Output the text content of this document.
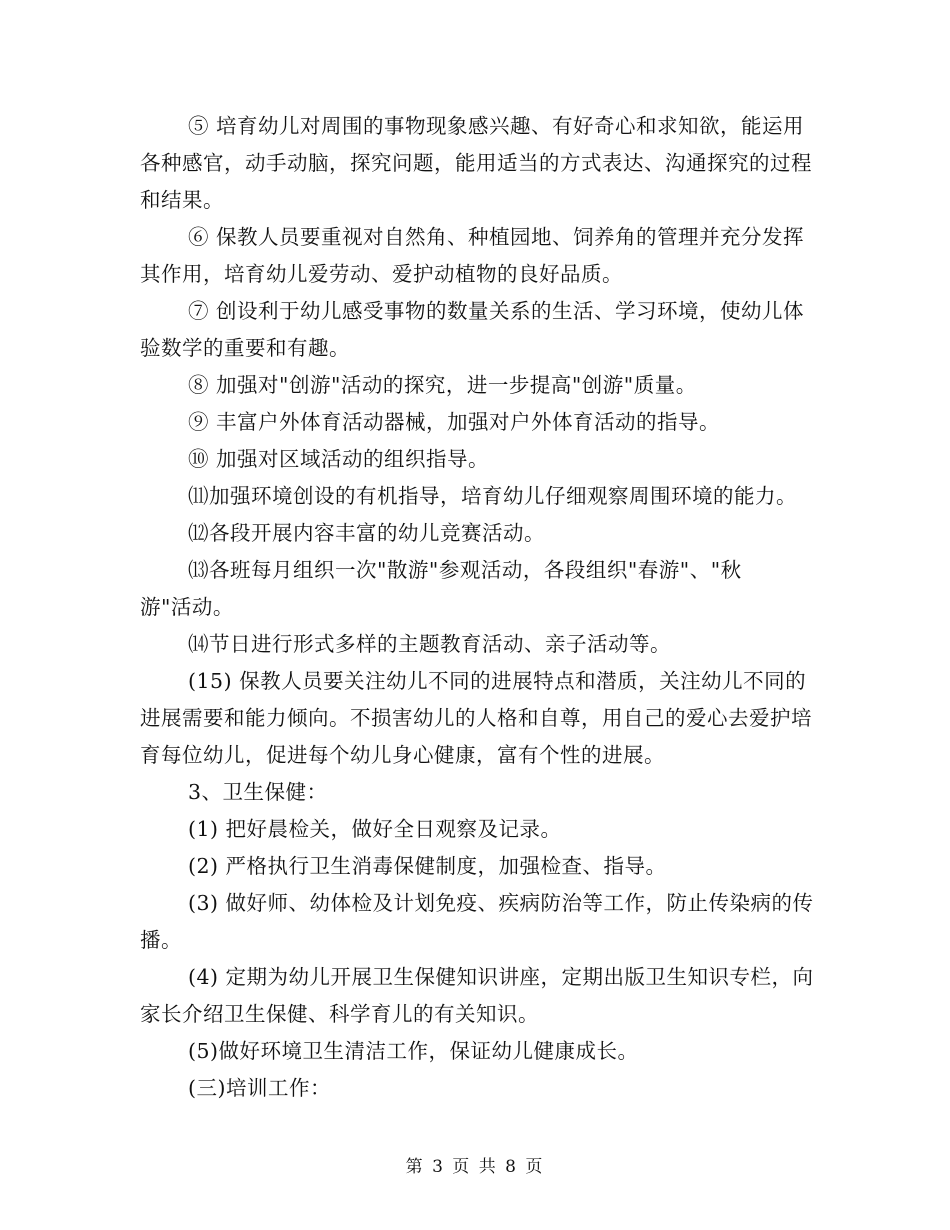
⑤ 培育幼儿对周围的事物现象感兴趣、有好奇心和求知欲，能运用各种感官，动手动脑，探究问题，能用适当的方式表达、沟通探究的过程和结果。

⑥ 保教人员要重视对自然角、种植园地、饲养角的管理并充分发挥其作用，培育幼儿爱劳动、爱护动植物的良好品质。

⑦ 创设利于幼儿感受事物的数量关系的生活、学习环境，使幼儿体验数学的重要和有趣。

⑧ 加强对"创游"活动的探究，进一步提高"创游"质量。

⑨ 丰富户外体育活动器械，加强对户外体育活动的指导。

⑩ 加强对区域活动的组织指导。

⑾加强环境创设的有机指导，培育幼儿仔细观察周围环境的能力。

⑿各段开展内容丰富的幼儿竞赛活动。

⒀各班每月组织一次"散游"参观活动，各段组织"春游"、"秋游"活动。

⒁节日进行形式多样的主题教育活动、亲子活动等。

(15) 保教人员要关注幼儿不同的进展特点和潜质，关注幼儿不同的进展需要和能力倾向。不损害幼儿的人格和自尊，用自己的爱心去爱护培育每位幼儿，促进每个幼儿身心健康，富有个性的进展。

3、卫生保健：

(1) 把好晨检关，做好全日观察及记录。

(2) 严格执行卫生消毒保健制度，加强检查、指导。

(3) 做好师、幼体检及计划免疫、疾病防治等工作，防止传染病的传播。

(4) 定期为幼儿开展卫生保健知识讲座，定期出版卫生知识专栏，向家长介绍卫生保健、科学育儿的有关知识。

(5)做好环境卫生清洁工作，保证幼儿健康成长。

(三)培训工作：

第 3 页 共 8 页
